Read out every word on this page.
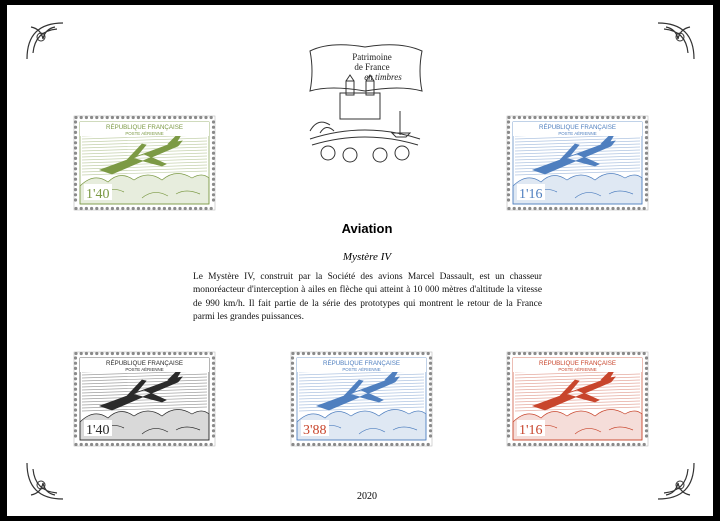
Patrimoine
de France
en timbres
RÉPUBLIQUE FRANÇAISE
POSTE AÉRIENNE
1'40
RÉPUBLIQUE FRANÇAISE
POSTE AÉRIENNE
1'16
RÉPUBLIQUE FRANÇAISE
POSTE AÉRIENNE
1'40
RÉPUBLIQUE FRANÇAISE
POSTE AÉRIENNE
3'88
RÉPUBLIQUE FRANÇAISE
POSTE AÉRIENNE
1'16
Aviation
Mystère IV
Le Mystère IV, construit par la Société des avions Marcel Dassault, est un chasseur monoréacteur d'interception à ailes en flèche qui atteint à 10 000 mètres d'altitude la vitesse de 990 km/h. Il fait partie de la série des prototypes qui montrent le retour de la France parmi les grandes puissances.
2020
